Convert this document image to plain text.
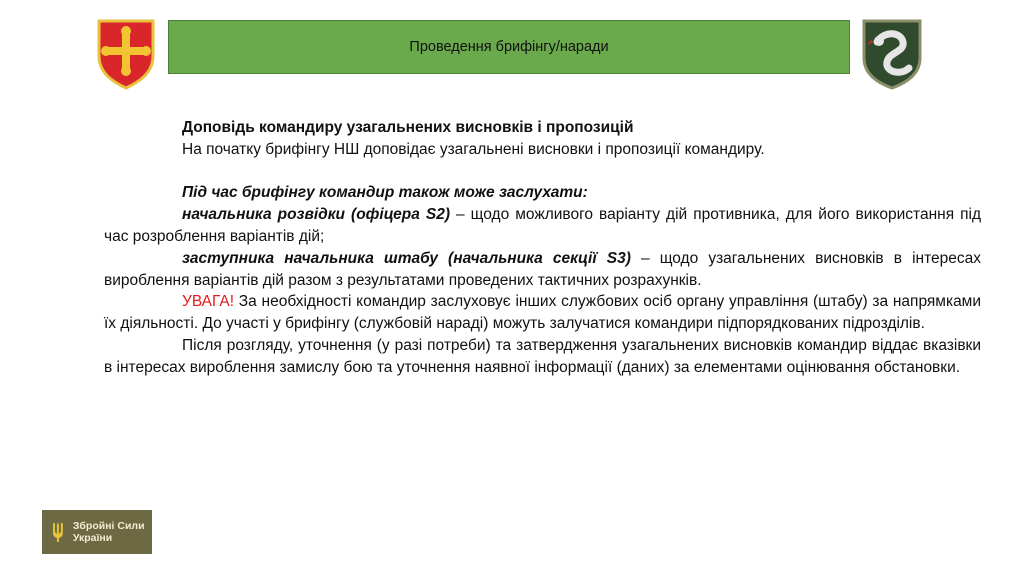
Проведення брифінгу/наради

Доповідь командиру узагальнених висновків і пропозицій

На початку брифінгу НШ доповідає узагальнені висновки і пропозиції командиру.

Під час брифінгу командир також може заслухати:

начальника розвідки (офіцера S2) – щодо можливого варіанту дій противника, для його використання під час розроблення варіантів дій;

заступника начальника штабу (начальника секції S3) – щодо узагальнених висновків в інтересах вироблення варіантів дій разом з результатами проведених тактичних розрахунків.

УВАГА! За необхідності командир заслуховує інших службових осіб органу управління (штабу) за напрямками їх діяльності. До участі у брифінгу (службовій нараді) можуть залучатися командири підпорядкованих підрозділів.

Після розгляду, уточнення (у разі потреби) та затвердження узагальнених висновків командир віддає вказівки в інтересах вироблення замислу бою та уточнення наявної інформації (даних) за елементами оцінювання обстановки.

Збройні Сили
України
